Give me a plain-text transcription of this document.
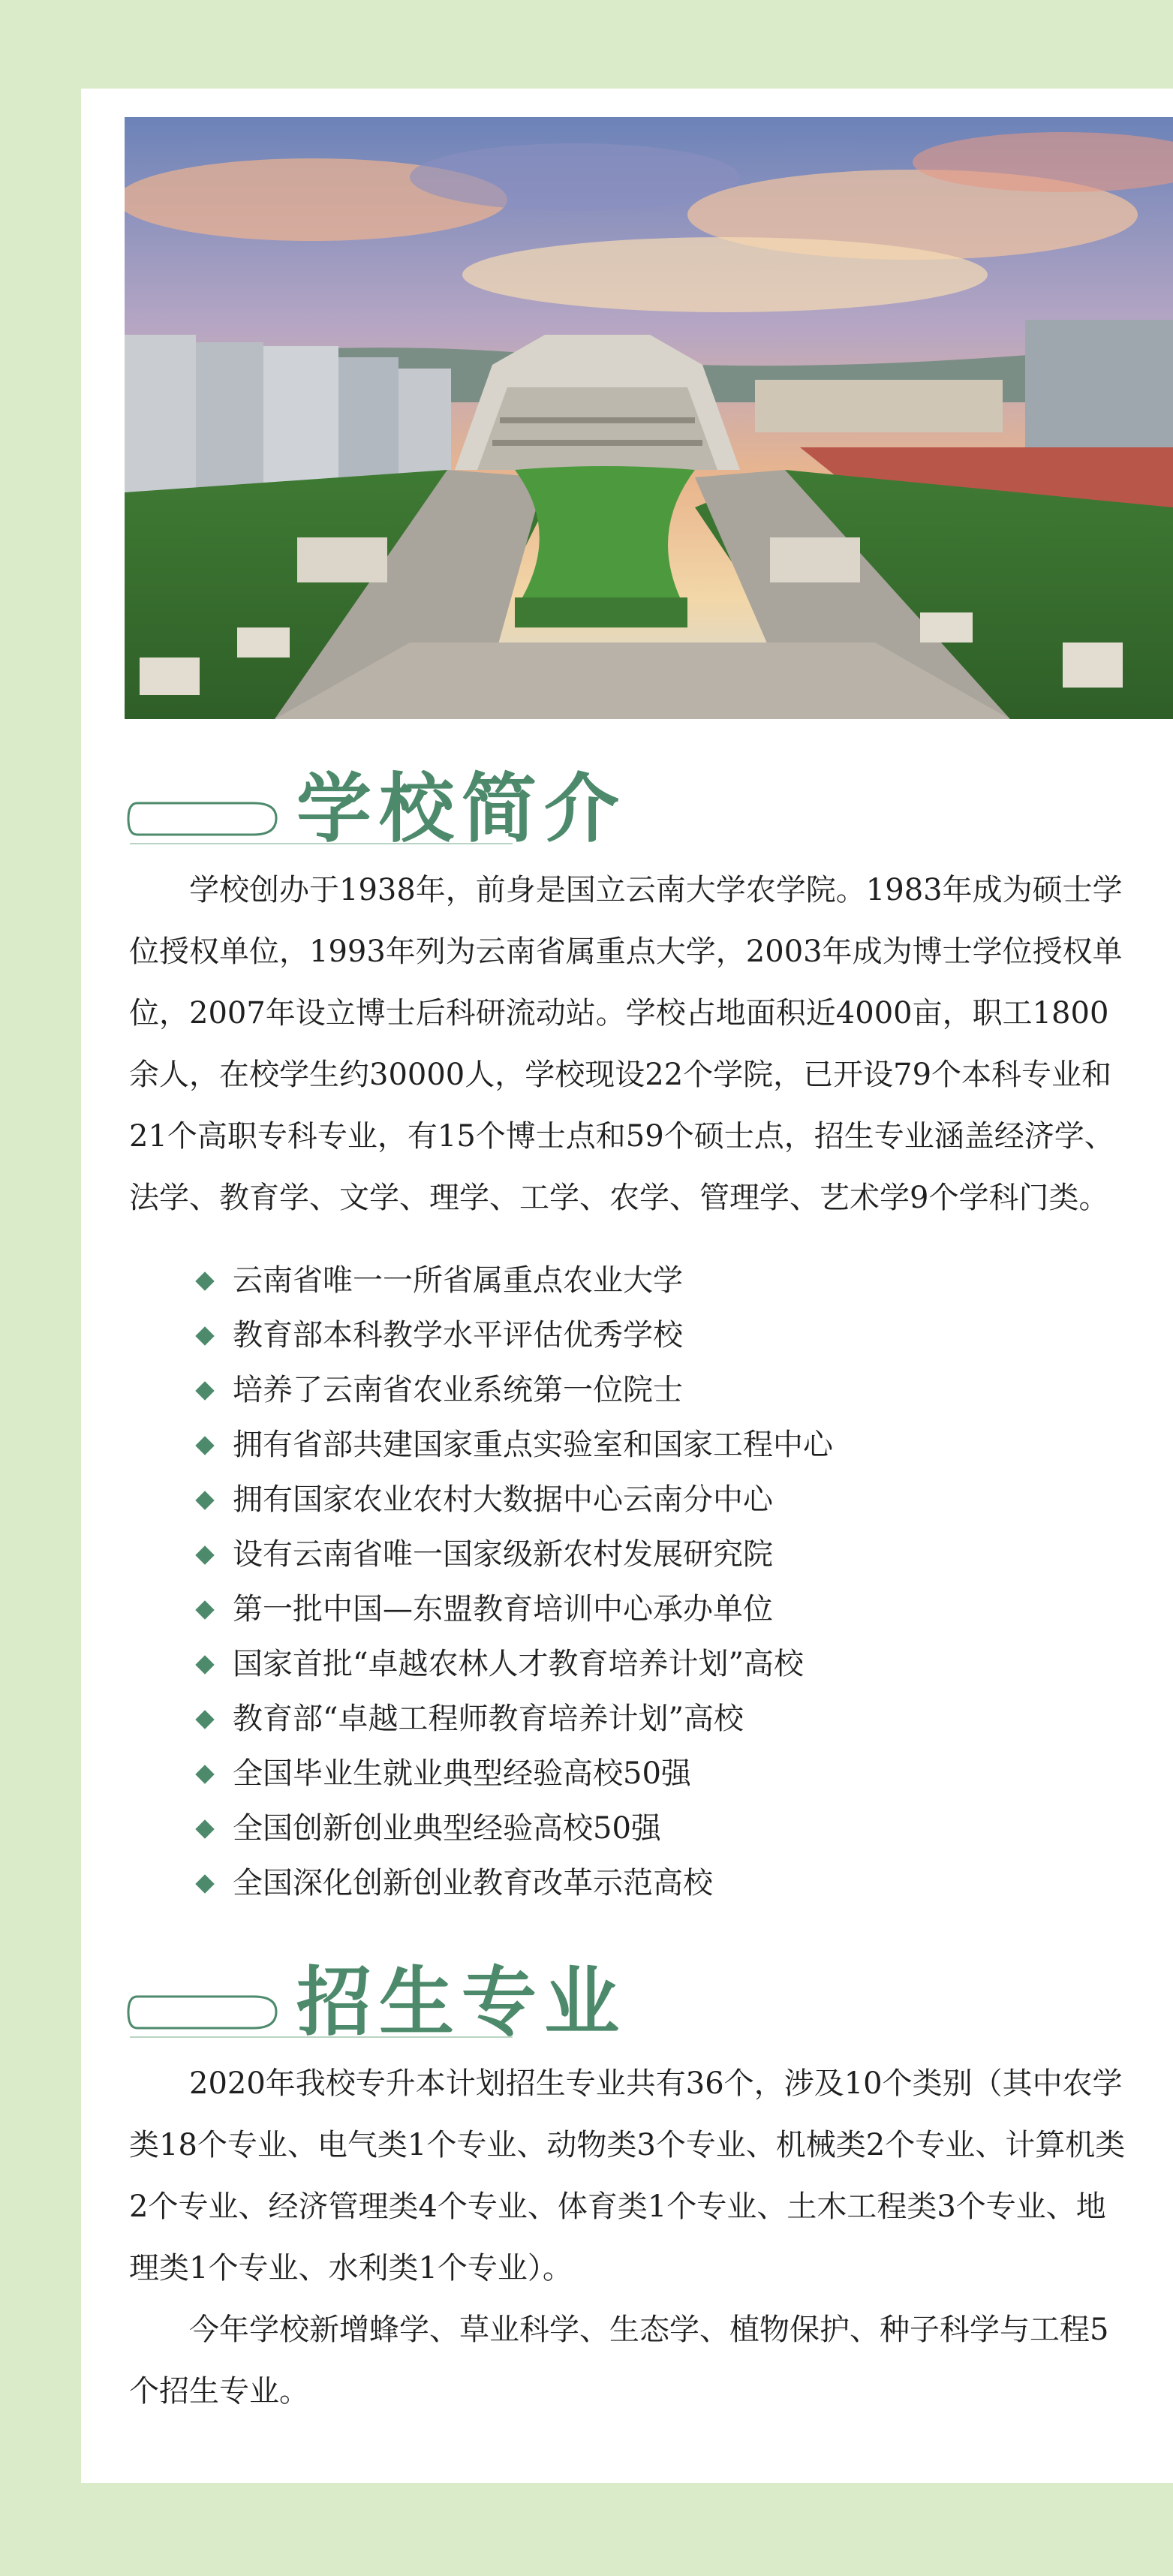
学校简介

学校创办于1938年，前身是国立云南大学农学院。1983年成为硕士学位授权单位，1993年列为云南省属重点大学，2003年成为博士学位授权单位，2007年设立博士后科研流动站。学校占地面积近4000亩，职工1800余人，在校学生约30000人，学校现设22个学院，已开设79个本科专业和21个高职专科专业，有15个博士点和59个硕士点，招生专业涵盖经济学、法学、教育学、文学、理学、工学、农学、管理学、艺术学9个学科门类。

云南省唯一一所省属重点农业大学
教育部本科教学水平评估优秀学校
培养了云南省农业系统第一位院士
拥有省部共建国家重点实验室和国家工程中心
拥有国家农业农村大数据中心云南分中心
设有云南省唯一国家级新农村发展研究院
第一批中国—东盟教育培训中心承办单位
国家首批“卓越农林人才教育培养计划”高校
教育部“卓越工程师教育培养计划”高校
全国毕业生就业典型经验高校50强
全国创新创业典型经验高校50强
全国深化创新创业教育改革示范高校
招生专业

2020年我校专升本计划招生专业共有36个，涉及10个类别（其中农学类18个专业、电气类1个专业、动物类3个专业、机械类2个专业、计算机类2个专业、经济管理类4个专业、体育类1个专业、土木工程类3个专业、地理类1个专业、水利类1个专业）。

今年学校新增蜂学、草业科学、生态学、植物保护、种子科学与工程5个招生专业。
